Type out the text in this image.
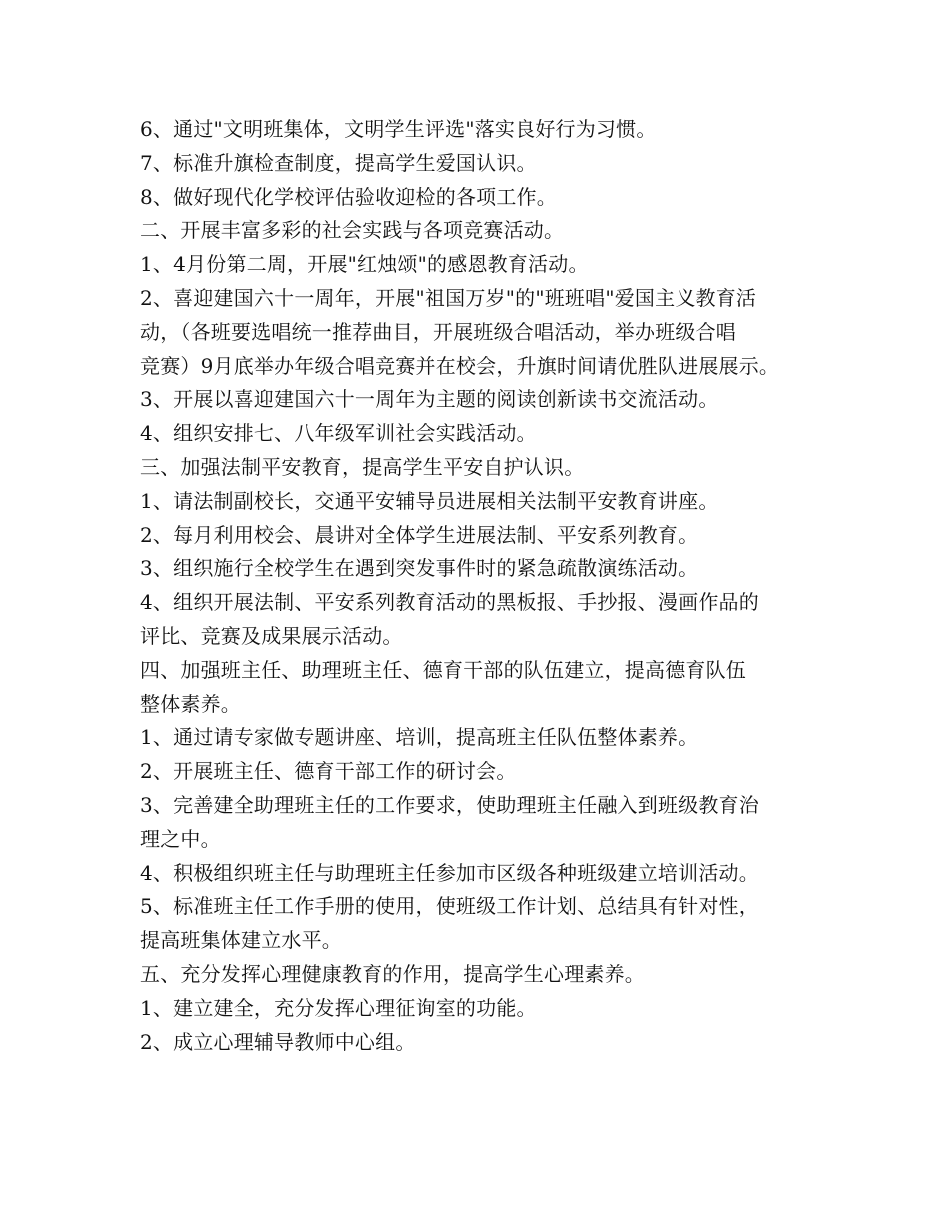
6、通过"文明班集体，文明学生评选"落实良好行为习惯。
7、标准升旗检查制度，提高学生爱国认识。
8、做好现代化学校评估验收迎检的各项工作。
二、开展丰富多彩的社会实践与各项竞赛活动。
1、4月份第二周，开展"红烛颂"的感恩教育活动。
2、喜迎建国六十一周年，开展"祖国万岁"的"班班唱"爱国主义教育活
动，（各班要选唱统一推荐曲目，开展班级合唱活动，举办班级合唱
竞赛）9月底举办年级合唱竞赛并在校会，升旗时间请优胜队进展展示。
3、开展以喜迎建国六十一周年为主题的阅读创新读书交流活动。
4、组织安排七、八年级军训社会实践活动。
三、加强法制平安教育，提高学生平安自护认识。
1、请法制副校长，交通平安辅导员进展相关法制平安教育讲座。
2、每月利用校会、晨讲对全体学生进展法制、平安系列教育。
3、组织施行全校学生在遇到突发事件时的紧急疏散演练活动。
4、组织开展法制、平安系列教育活动的黑板报、手抄报、漫画作品的
评比、竞赛及成果展示活动。
四、加强班主任、助理班主任、德育干部的队伍建立，提高德育队伍
整体素养。
1、通过请专家做专题讲座、培训，提高班主任队伍整体素养。
2、开展班主任、德育干部工作的研讨会。
3、完善建全助理班主任的工作要求，使助理班主任融入到班级教育治
理之中。
4、积极组织班主任与助理班主任参加市区级各种班级建立培训活动。
5、标准班主任工作手册的使用，使班级工作计划、总结具有针对性，
提高班集体建立水平。
五、充分发挥心理健康教育的作用，提高学生心理素养。
1、建立建全，充分发挥心理征询室的功能。
2、成立心理辅导教师中心组。
